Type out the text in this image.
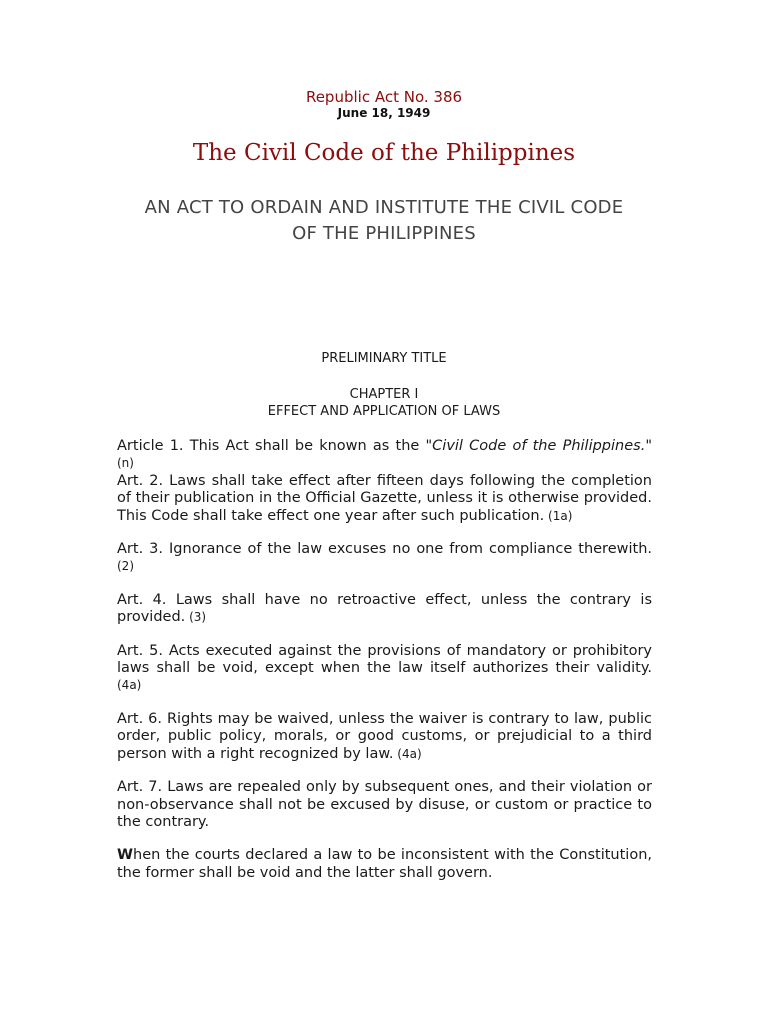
Republic Act No. 386
June 18, 1949
The Civil Code of the Philippines
AN ACT TO ORDAIN AND INSTITUTE THE CIVIL CODE
OF THE PHILIPPINES
PRELIMINARY TITLE
CHAPTER I
EFFECT AND APPLICATION OF LAWS

Article 1. This Act shall be known as the "Civil Code of the Philippines." (n)

Art. 2. Laws shall take effect after fifteen days following the completion of their publication in the Official Gazette, unless it is otherwise provided. This Code shall take effect one year after such publication. (1a)

Art. 3. Ignorance of the law excuses no one from compliance therewith. (2)

Art. 4. Laws shall have no retroactive effect, unless the contrary is provided. (3)

Art. 5. Acts executed against the provisions of mandatory or prohibitory laws shall be void, except when the law itself authorizes their validity. (4a)

Art. 6. Rights may be waived, unless the waiver is contrary to law, public order, public policy, morals, or good customs, or prejudicial to a third person with a right recognized by law. (4a)

Art. 7. Laws are repealed only by subsequent ones, and their violation or non-observance shall not be excused by disuse, or custom or practice to the contrary.

When the courts declared a law to be inconsistent with the Constitution, the former shall be void and the latter shall govern.
